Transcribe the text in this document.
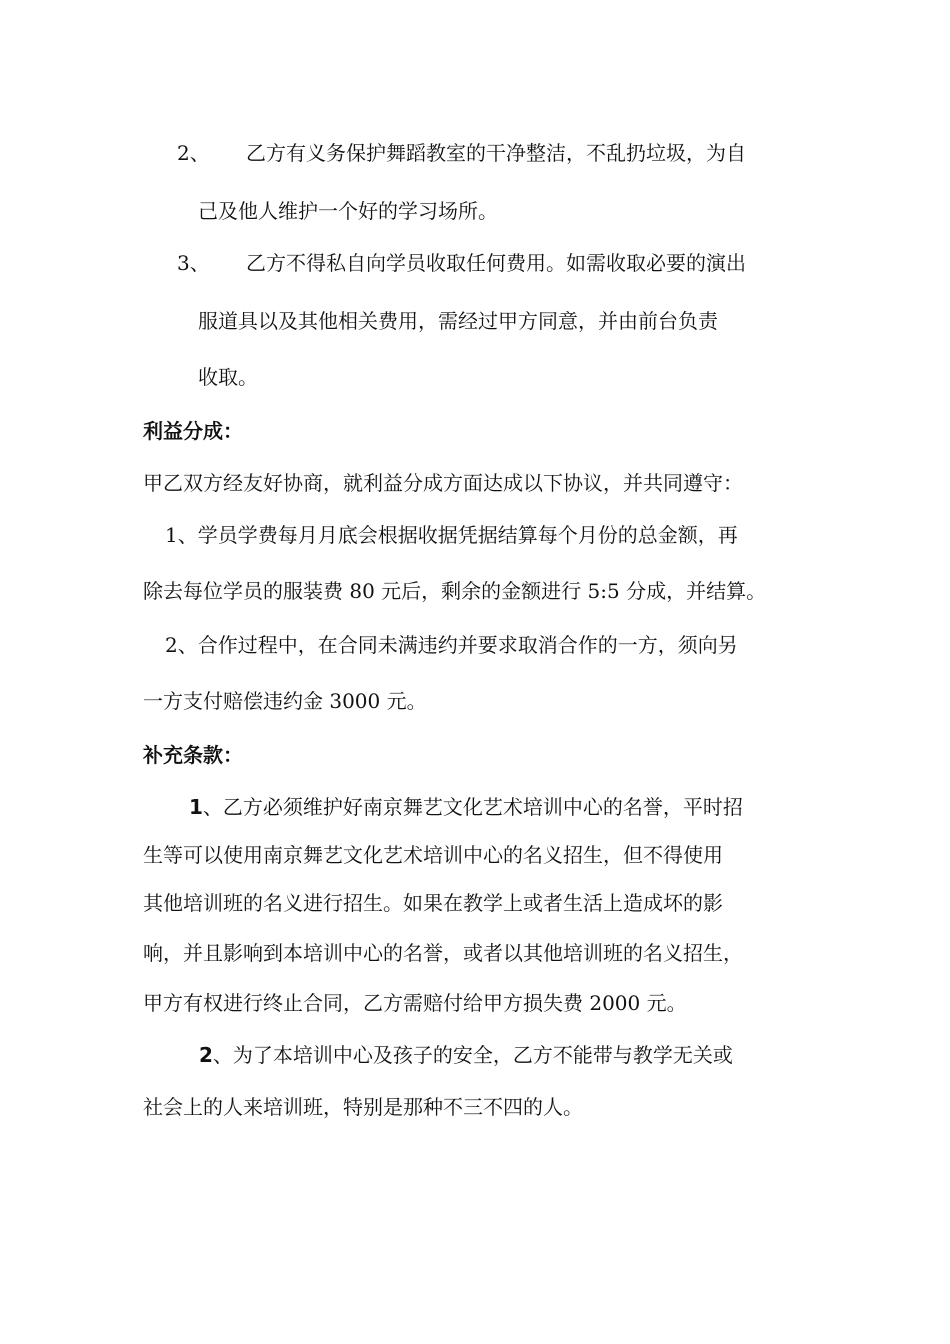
2、 乙方有义务保护舞蹈教室的干净整洁，不乱扔垃圾，为自
己及他人维护一个好的学习场所。
3、 乙方不得私自向学员收取任何费用。如需收取必要的演出
服道具以及其他相关费用，需经过甲方同意，并由前台负责
收取。
利益分成：
甲乙双方经友好协商，就利益分成方面达成以下协议，并共同遵守：
1、学员学费每月月底会根据收据凭据结算每个月份的总金额，再
除去每位学员的服装费 80 元后，剩余的金额进行 5:5 分成，并结算。
2、合作过程中，在合同未满违约并要求取消合作的一方，须向另
一方支付赔偿违约金 3000 元。
补充条款：
1、乙方必须维护好南京舞艺文化艺术培训中心的名誉，平时招
生等可以使用南京舞艺文化艺术培训中心的名义招生，但不得使用
其他培训班的名义进行招生。如果在教学上或者生活上造成坏的影
响，并且影响到本培训中心的名誉，或者以其他培训班的名义招生，
甲方有权进行终止合同，乙方需赔付给甲方损失费 2000 元。
2、为了本培训中心及孩子的安全，乙方不能带与教学无关或
社会上的人来培训班，特别是那种不三不四的人。
